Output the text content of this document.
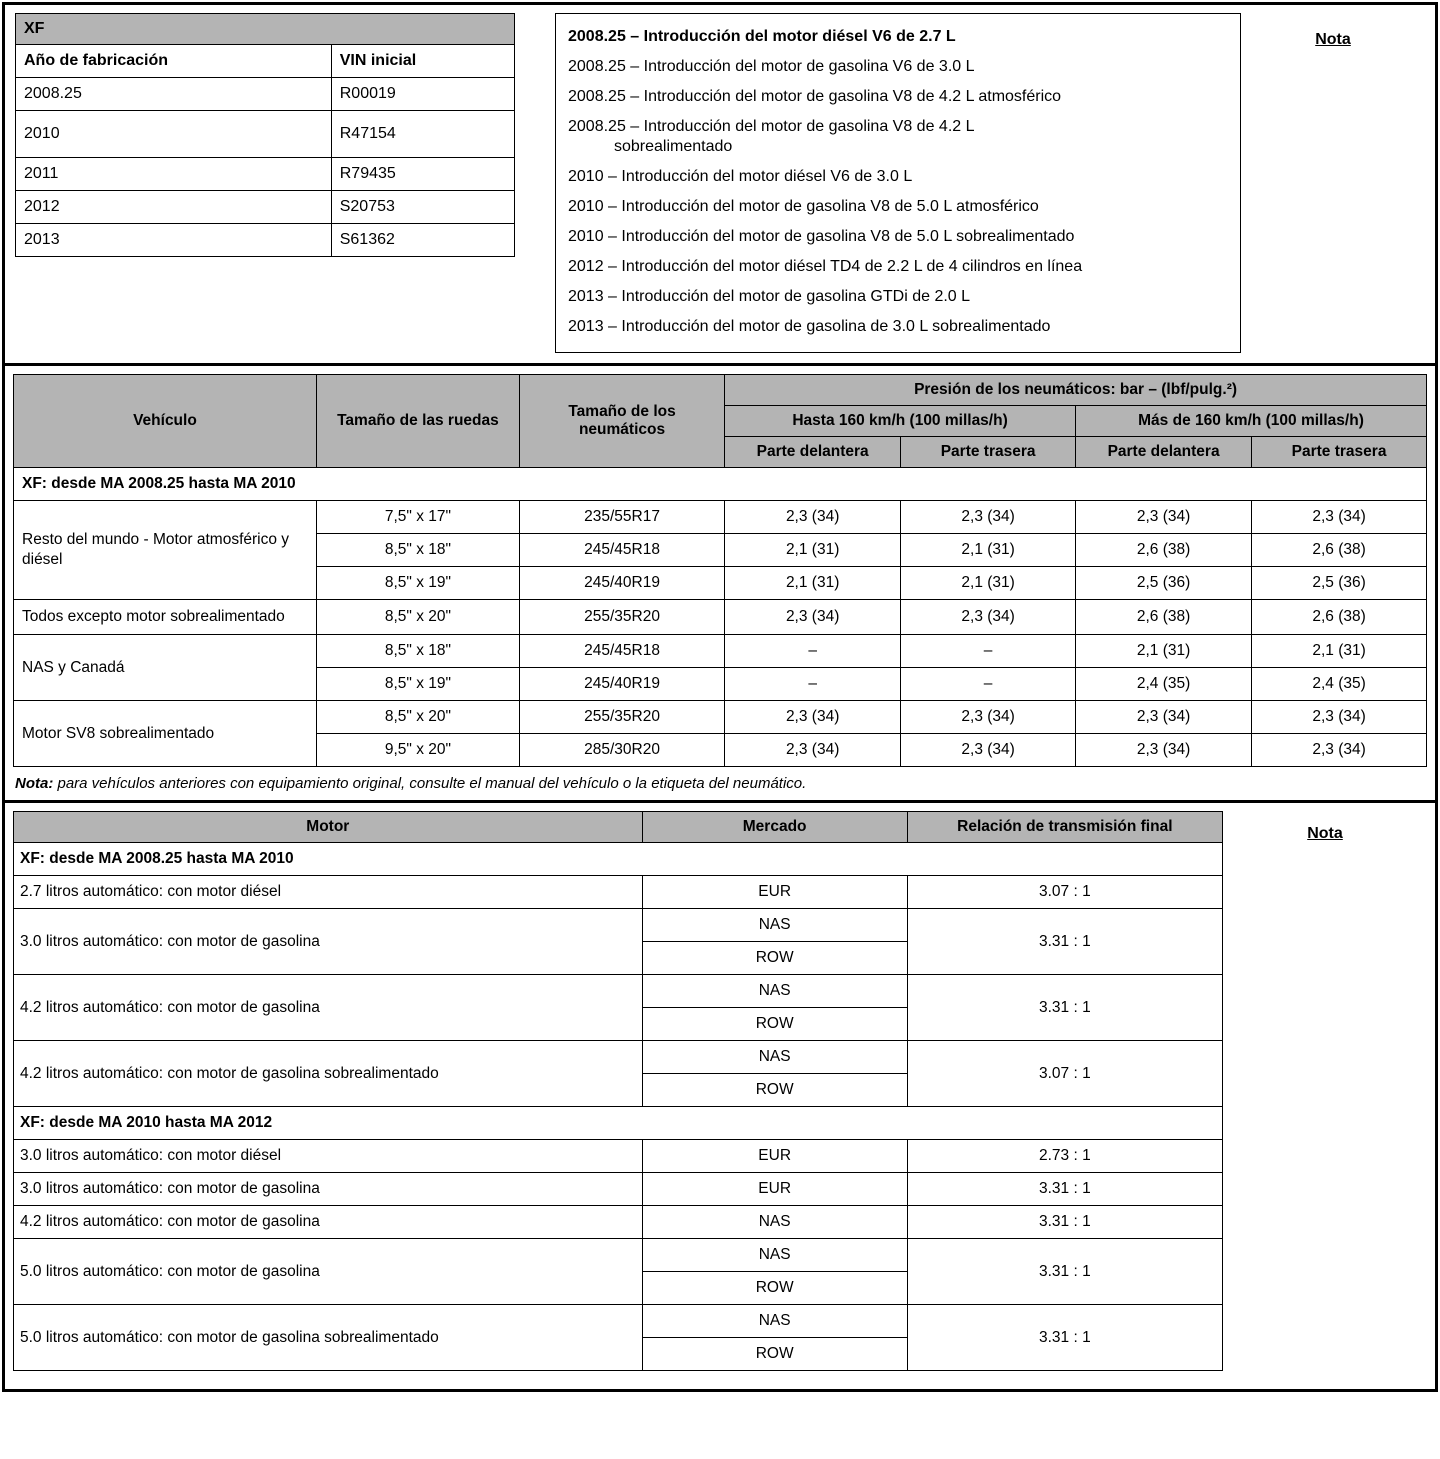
XF	
Año de fabricación	VIN inicial
2008.25	R00019
2010	R47154
2011	R79435
2012	S20753
2013	S61362
2008.25 – Introducción del motor diésel V6 de 2.7 L
2008.25 – Introducción del motor de gasolina V6 de 3.0 L
2008.25 – Introducción del motor de gasolina V8 de 4.2 L atmosférico
2008.25 – Introducción del motor de gasolina V8 de 4.2 L
sobrealimentado
2010 – Introducción del motor diésel V6 de 3.0 L
2010 – Introducción del motor de gasolina V8 de 5.0 L atmosférico
2010 – Introducción del motor de gasolina V8 de 5.0 L sobrealimentado
2012 – Introducción del motor diésel TD4 de 2.2 L de 4 cilindros en línea
2013 – Introducción del motor de gasolina GTDi de 2.0 L
2013 – Introducción del motor de gasolina de 3.0 L sobrealimentado
Nota
Vehículo	Tamaño de las ruedas	Tamaño de los neumáticos	Presión de los neumáticos: bar – (lbf/pulg.²)			
			Hasta 160 km/h (100 millas/h)		Más de 160 km/h (100 millas/h)	
			Parte delantera	Parte trasera	Parte delantera	Parte trasera
XF: desde MA 2008.25 hasta MA 2010						
Resto del mundo - Motor atmosférico y diésel	7,5" x 17"	235/55R17	2,3 (34)	2,3 (34)	2,3 (34)	2,3 (34)
	8,5" x 18"	245/45R18	2,1 (31)	2,1 (31)	2,6 (38)	2,6 (38)
	8,5" x 19"	245/40R19	2,1 (31)	2,1 (31)	2,5 (36)	2,5 (36)
Todos excepto motor sobrealimentado	8,5" x 20"	255/35R20	2,3 (34)	2,3 (34)	2,6 (38)	2,6 (38)
NAS y Canadá	8,5" x 18"	245/45R18	–	–	2,1 (31)	2,1 (31)
	8,5" x 19"	245/40R19	–	–	2,4 (35)	2,4 (35)
Motor SV8 sobrealimentado	8,5" x 20"	255/35R20	2,3 (34)	2,3 (34)	2,3 (34)	2,3 (34)
	9,5" x 20"	285/30R20	2,3 (34)	2,3 (34)	2,3 (34)	2,3 (34)
Nota: para vehículos anteriores con equipamiento original, consulte el manual del vehículo o la etiqueta del neumático.
Motor	Mercado	Relación de transmisión final
XF: desde MA 2008.25 hasta MA 2010		
2.7 litros automático: con motor diésel	EUR	3.07 : 1
3.0 litros automático: con motor de gasolina	NAS	3.31 : 1
	ROW	
4.2 litros automático: con motor de gasolina	NAS	3.31 : 1
	ROW	
4.2 litros automático: con motor de gasolina sobrealimentado	NAS	3.07 : 1
	ROW	
XF: desde MA 2010 hasta MA 2012		
3.0 litros automático: con motor diésel	EUR	2.73 : 1
3.0 litros automático: con motor de gasolina	EUR	3.31 : 1
4.2 litros automático: con motor de gasolina	NAS	3.31 : 1
5.0 litros automático: con motor de gasolina	NAS	3.31 : 1
	ROW	
5.0 litros automático: con motor de gasolina sobrealimentado	NAS	3.31 : 1
	ROW	
Nota
